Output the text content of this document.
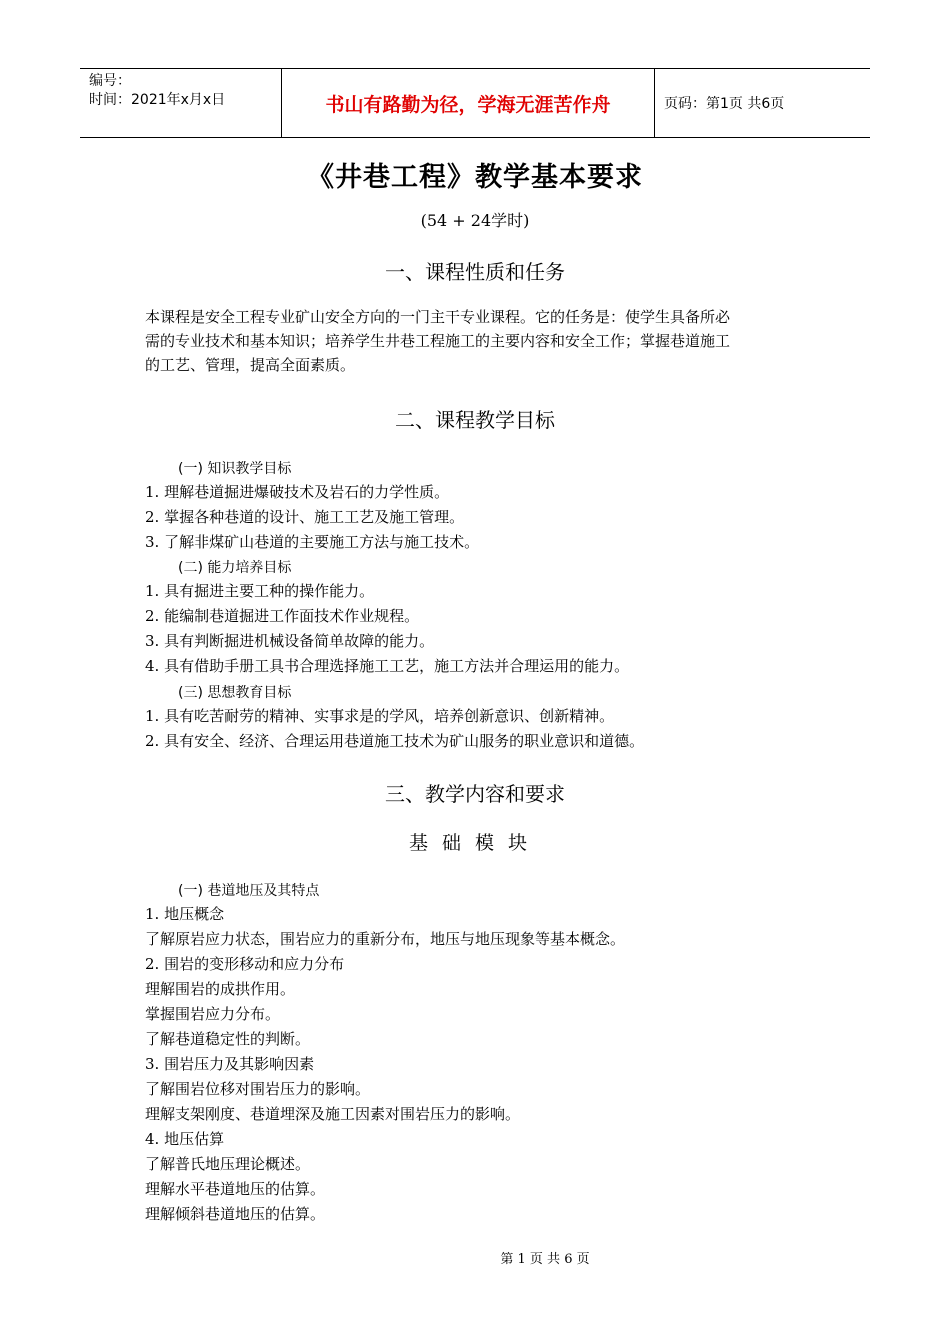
编号：
时间：2021年x月x日	书山有路勤为径，学海无涯苦作舟	页码：第1页 共6页
《井巷工程》教学基本要求
(54 + 24学时)
一、课程性质和任务
本课程是安全工程专业矿山安全方向的一门主干专业课程。它的任务是：使学生具备所必
需的专业技术和基本知识；培养学生井巷工程施工的主要内容和安全工作；掌握巷道施工
的工艺、管理，提高全面素质。
二、课程教学目标
(一) 知识教学目标
1. 理解巷道掘进爆破技术及岩石的力学性质。
2. 掌握各种巷道的设计、施工工艺及施工管理。
3. 了解非煤矿山巷道的主要施工方法与施工技术。
(二) 能力培养目标
1. 具有掘进主要工种的操作能力。
2. 能编制巷道掘进工作面技术作业规程。
3. 具有判断掘进机械设备简单故障的能力。
4. 具有借助手册工具书合理选择施工工艺，施工方法并合理运用的能力。
(三) 思想教育目标
1. 具有吃苦耐劳的精神、实事求是的学风，培养创新意识、创新精神。
2. 具有安全、经济、合理运用巷道施工技术为矿山服务的职业意识和道德。
三、教学内容和要求
基础模块
(一) 巷道地压及其特点
1. 地压概念
了解原岩应力状态，围岩应力的重新分布，地压与地压现象等基本概念。
2. 围岩的变形移动和应力分布
理解围岩的成拱作用。
掌握围岩应力分布。
了解巷道稳定性的判断。
3. 围岩压力及其影响因素
了解围岩位移对围岩压力的影响。
理解支架刚度、巷道埋深及施工因素对围岩压力的影响。
4. 地压估算
了解普氏地压理论概述。
理解水平巷道地压的估算。
理解倾斜巷道地压的估算。
第 1 页 共 6 页
